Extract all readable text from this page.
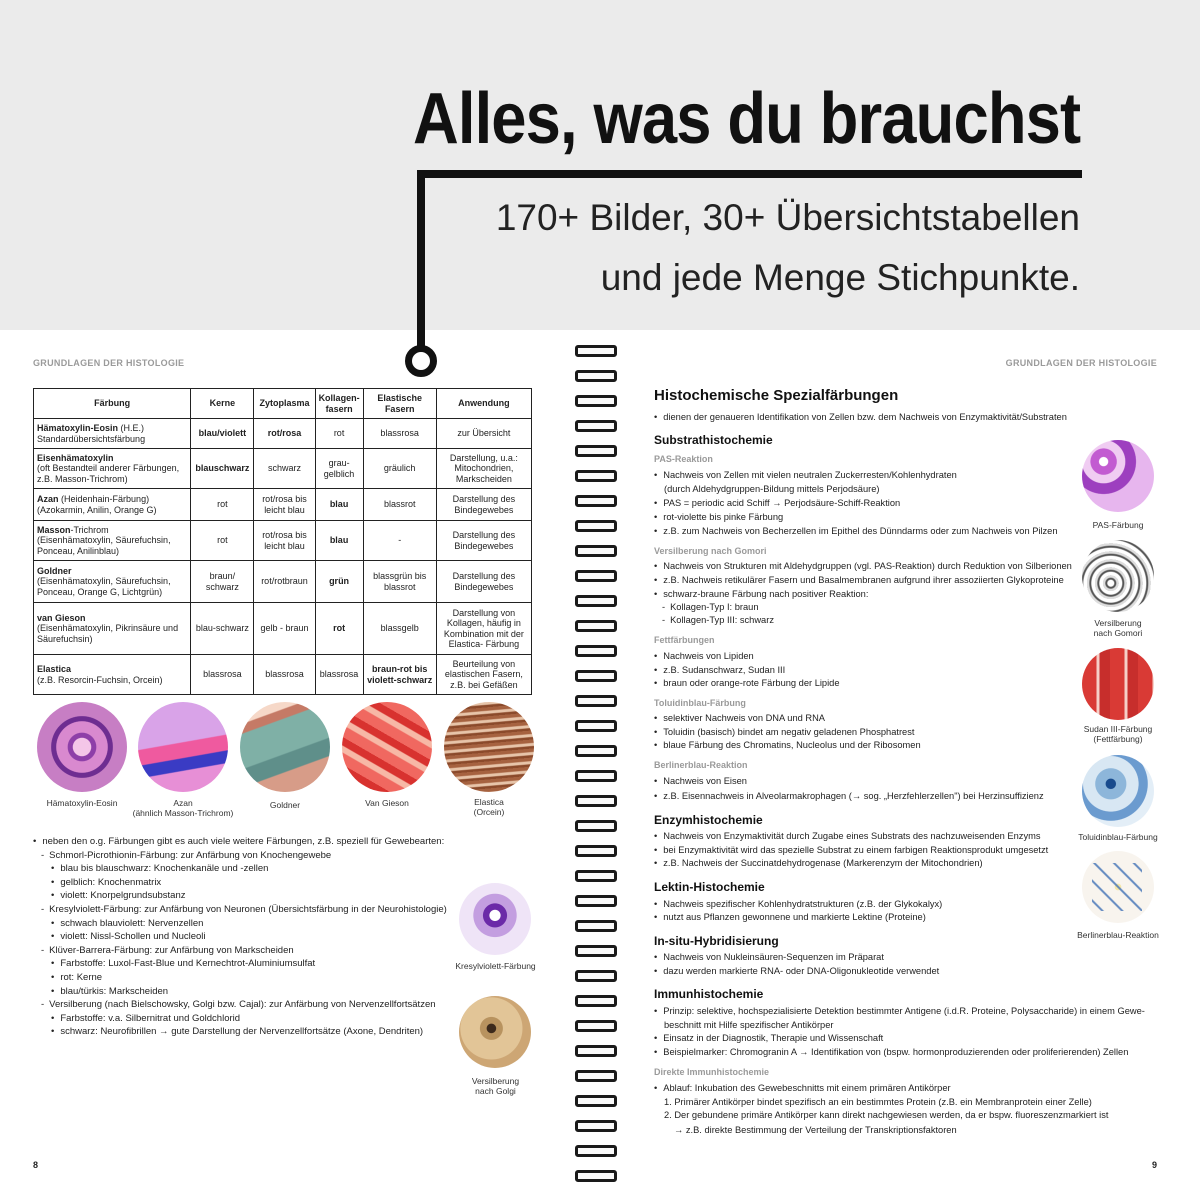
Alles, was du brauchst
170+ Bilder, 30+ Übersichtstabellen
und jede Menge Stichpunkte.
GRUNDLAGEN DER HISTOLOGIE
Färbung	Kerne	Zytoplasma	Kollagen-fasern	Elastische Fasern	Anwendung
Hämatoxylin-Eosin (H.E.)
Standardübersichtsfärbung	blau/violett	rot/rosa	rot	blassrosa	zur Übersicht
Eisenhämatoxylin
(oft Bestandteil anderer Färbungen, z.B. Masson-Trichrom)	blauschwarz	schwarz	grau-gelblich	gräulich	Darstellung, u.a.: Mitochondrien, Markscheiden
Azan (Heidenhain-Färbung)
(Azokarmin, Anilin, Orange G)	rot	rot/rosa bis leicht blau	blau	blassrot	Darstellung des Bindegewebes
Masson-Trichrom
(Eisenhämatoxylin, Säurefuchsin, Ponceau, Anilinblau)	rot	rot/rosa bis leicht blau	blau	-	Darstellung des Bindegewebes
Goldner
(Eisenhämatoxylin, Säurefuchsin, Ponceau, Orange G, Lichtgrün)	braun/ schwarz	rot/rotbraun	grün	blassgrün bis blassrot	Darstellung des Bindegewebes
van Gieson
(Eisenhämatoxylin, Pikrinsäure und Säurefuchsin)	blau-schwarz	gelb - braun	rot	blassgelb	Darstellung von Kollagen, häufig in Kombination mit der Elastica- Färbung
Elastica
(z.B. Resorcin-Fuchsin, Orcein)	blassrosa	blassrosa	blassrosa	braun-rot bis violett-schwarz	Beurteilung von elastischen Fasern, z.B. bei Gefäßen
Hämatoxylin-Eosin	Azan
(ähnlich Masson-Trichrom)
Goldner	Van Gieson	Elastica
(Orcein)
Kresylviolett-Färbung
Versilberung
nach Golgi
• neben den o.g. Färbungen gibt es auch viele weitere Färbungen, z.B. speziell für Gewebearten:
- Schmorl-Picrothionin-Färbung: zur Anfärbung von Knochengewebe
• blau bis blauschwarz: Knochenkanäle und -zellen
• gelblich: Knochenmatrix
• violett: Knorpelgrundsubstanz
- Kresylviolett-Färbung: zur Anfärbung von Neuronen (Übersichtsfärbung in der Neurohistologie)
• schwach blauviolett: Nervenzellen
• violett: Nissl-Schollen und Nucleoli
- Klüver-Barrera-Färbung: zur Anfärbung von Markscheiden
• Farbstoffe: Luxol-Fast-Blue und Kernechtrot-Aluminiumsulfat
• rot: Kerne
• blau/türkis: Markscheiden
- Versilberung (nach Bielschowsky, Golgi bzw. Cajal): zur Anfärbung von Nervenzellfortsätzen
• Farbstoffe: v.a. Silbernitrat und Goldchlorid
• schwarz: Neurofibrillen → gute Darstellung der Nervenzellfortsätze (Axone, Dendriten)
8
GRUNDLAGEN DER HISTOLOGIE
Histochemische Spezialfärbungen
• dienen der genaueren Identifikation von Zellen bzw. dem Nachweis von Enzymaktivität/Substraten
Substrathistochemie
PAS-Reaktion
• Nachweis von Zellen mit vielen neutralen Zuckerresten/Kohlenhydraten
(durch Aldehydgruppen-Bildung mittels Perjodsäure)
• PAS = periodic acid Schiff → Perjodsäure-Schiff-Reaktion
• rot-violette bis pinke Färbung
• z.B. zum Nachweis von Becherzellen im Epithel des Dünndarms oder zum Nachweis von Pilzen
Versilberung nach Gomori
• Nachweis von Strukturen mit Aldehydgruppen (vgl. PAS-Reaktion) durch Reduktion von Silberionen
• z.B. Nachweis retikulärer Fasern und Basalmembranen aufgrund ihrer assoziierten Glykoproteine
• schwarz-braune Färbung nach positiver Reaktion:
- Kollagen-Typ I: braun
- Kollagen-Typ III: schwarz
Fettfärbungen
• Nachweis von Lipiden
• z.B. Sudanschwarz, Sudan III
• braun oder orange-rote Färbung der Lipide
Toluidinblau-Färbung
• selektiver Nachweis von DNA und RNA
• Toluidin (basisch) bindet am negativ geladenen Phosphatrest
• blaue Färbung des Chromatins, Nucleolus und der Ribosomen
Berlinerblau-Reaktion
• Nachweis von Eisen
• z.B. Eisennachweis in Alveolarmakrophagen (→ sog. „Herzfehlerzellen") bei Herzinsuffizienz
Enzymhistochemie
• Nachweis von Enzymaktivität durch Zugabe eines Substrats des nachzuweisenden Enzyms
• bei Enzymaktivität wird das spezielle Substrat zu einem farbigen Reaktionsprodukt umgesetzt
• z.B. Nachweis der Succinatdehydrogenase (Markerenzym der Mitochondrien)
Lektin-Histochemie
• Nachweis spezifischer Kohlenhydratstrukturen (z.B. der Glykokalyx)
• nutzt aus Pflanzen gewonnene und markierte Lektine (Proteine)
In-situ-Hybridisierung
• Nachweis von Nukleinsäuren-Sequenzen im Präparat
• dazu werden markierte RNA- oder DNA-Oligonukleotide verwendet
Immunhistochemie
• Prinzip: selektive, hochspezialisierte Detektion bestimmter Antigene (i.d.R. Proteine, Polysaccharide) in einem Gewe-
beschnitt mit Hilfe spezifischer Antikörper
• Einsatz in der Diagnostik, Therapie und Wissenschaft
• Beispielmarker: Chromogranin A → Identifikation von (bspw. hormonproduzierenden oder proliferierenden) Zellen
Direkte Immunhistochemie
• Ablauf: Inkubation des Gewebeschnitts mit einem primären Antikörper
1. Primärer Antikörper bindet spezifisch an ein bestimmtes Protein (z.B. ein Membranprotein einer Zelle)
2. Der gebundene primäre Antikörper kann direkt nachgewiesen werden, da er bspw. fluoreszenzmarkiert ist
→ z.B. direkte Bestimmung der Verteilung der Transkriptionsfaktoren
PAS-Färbung
Versilberung
nach Gomori
Sudan III-Färbung
(Fettfärbung)
Toluidinblau-Färbung
Berlinerblau-Reaktion
9
